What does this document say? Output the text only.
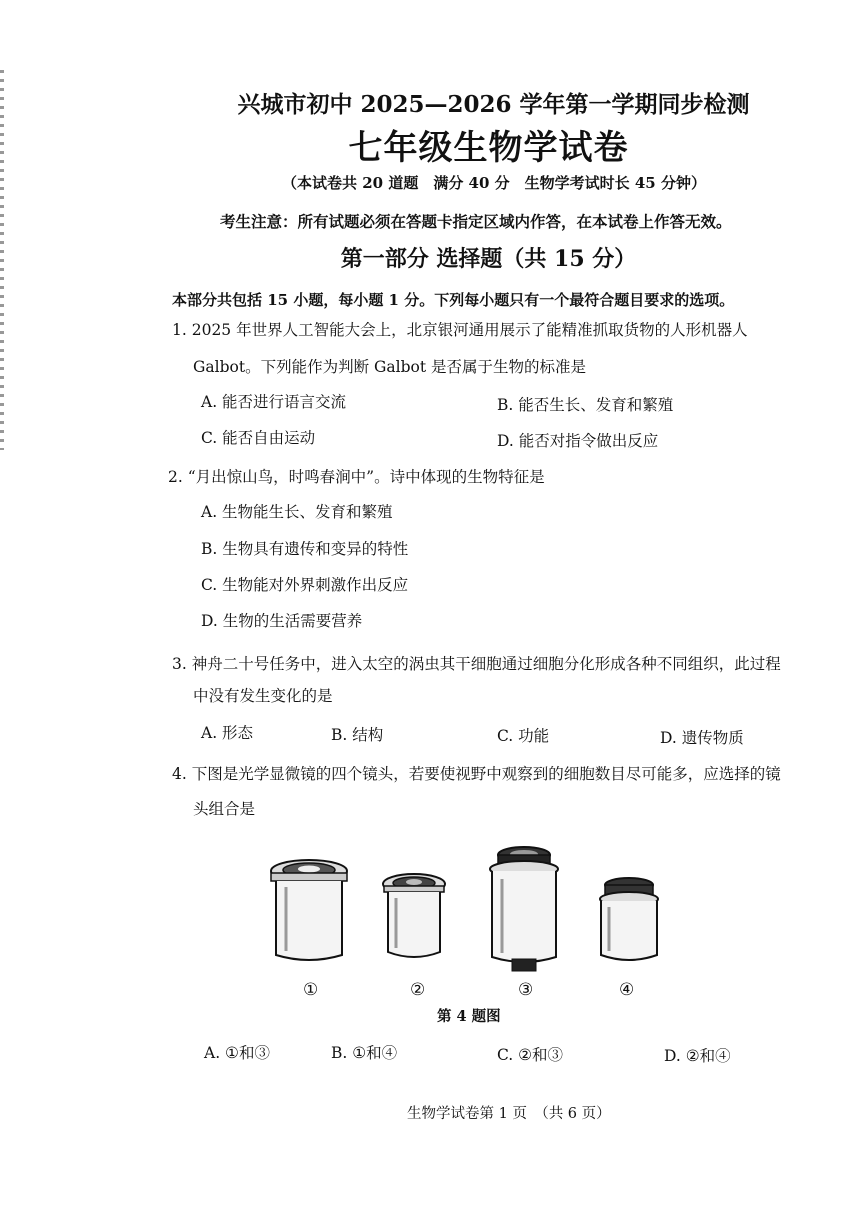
兴城市初中 2025—2026 学年第一学期同步检测
七年级生物学试卷
（本试卷共 20 道题　满分 40 分　生物学考试时长 45 分钟）
考生注意：所有试题必须在答题卡指定区域内作答，在本试卷上作答无效。
第一部分 选择题（共 15 分）
本部分共包括 15 小题，每小题 1 分。下列每小题只有一个最符合题目要求的选项。
1. 2025 年世界人工智能大会上，北京银河通用展示了能精准抓取货物的人形机器人
Galbot。下列能作为判断 Galbot 是否属于生物的标准是
A. 能否进行语言交流	B. 能否生长、发育和繁殖
C. 能否自由运动	D. 能否对指令做出反应
2. “月出惊山鸟，时鸣春涧中”。诗中体现的生物特征是
A. 生物能生长、发育和繁殖
B. 生物具有遗传和变异的特性
C. 生物能对外界刺激作出反应
D. 生物的生活需要营养
3. 神舟二十号任务中，进入太空的涡虫其干细胞通过细胞分化形成各种不同组织，此过程
中没有发生变化的是
A. 形态	B. 结构	C. 功能	D. 遗传物质
4. 下图是光学显微镜的四个镜头，若要使视野中观察到的细胞数目尽可能多，应选择的镜
头组合是
①	②	③	④
第 4 题图
A. ①和③	B. ①和④	C. ②和③	D. ②和④
生物学试卷第 1 页　（共 6 页）
